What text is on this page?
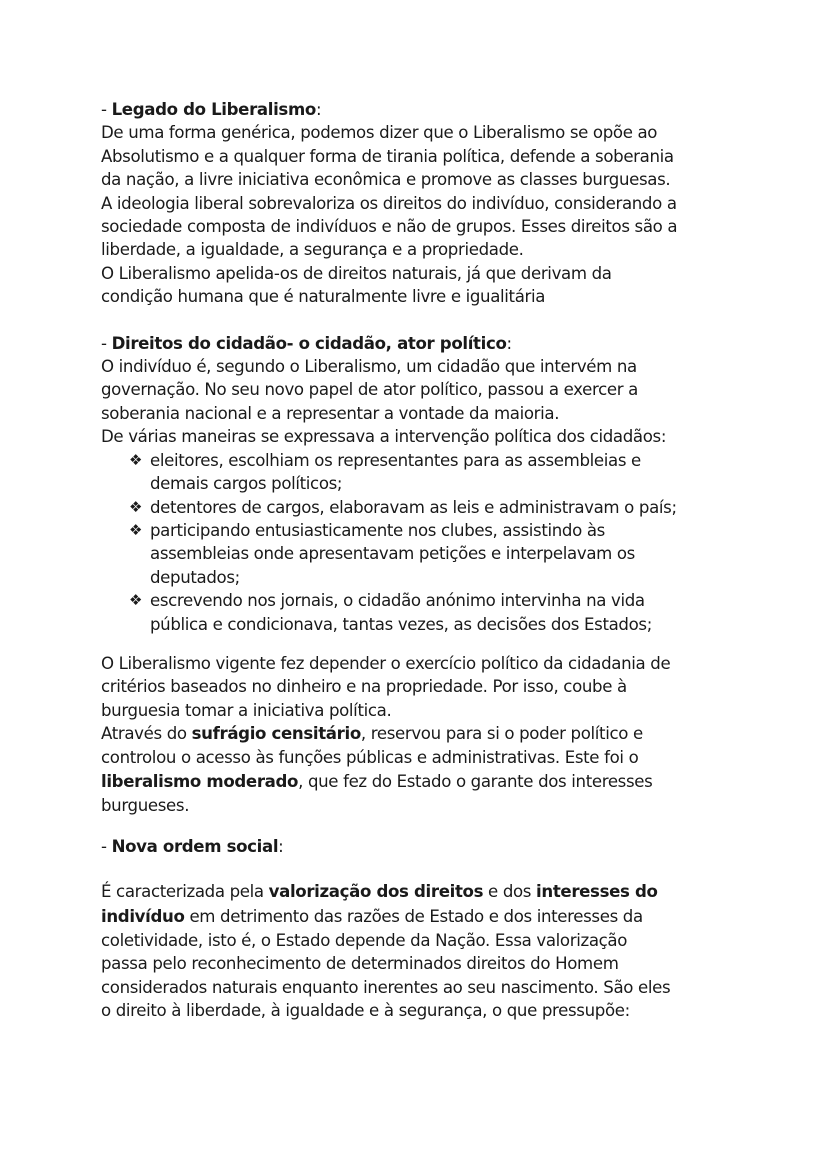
- Legado do Liberalismo:

De uma forma genérica, podemos dizer que o Liberalismo se opõe ao

Absolutismo e a qualquer forma de tirania política, defende a soberania

da nação, a livre iniciativa econômica e promove as classes burguesas.

A ideologia liberal sobrevaloriza os direitos do indivíduo, considerando a

sociedade composta de indivíduos e não de grupos. Esses direitos são a

liberdade, a igualdade, a segurança e a propriedade.

O Liberalismo apelida-os de direitos naturais, já que derivam da

condição humana que é naturalmente livre e igualitária

- Direitos do cidadão- o cidadão, ator político:

O indivíduo é, segundo o Liberalismo, um cidadão que intervém na

governação. No seu novo papel de ator político, passou a exercer a

soberania nacional e a representar a vontade da maioria.

De várias maneiras se expressava a intervenção política dos cidadãos:

❖ eleitores, escolhiam os representantes para as assembleias e

demais cargos políticos;

❖ detentores de cargos, elaboravam as leis e administravam o país;

❖ participando entusiasticamente nos clubes, assistindo às

assembleias onde apresentavam petições e interpelavam os

deputados;

❖ escrevendo nos jornais, o cidadão anónimo intervinha na vida

pública e condicionava, tantas vezes, as decisões dos Estados;

O Liberalismo vigente fez depender o exercício político da cidadania de

critérios baseados no dinheiro e na propriedade. Por isso, coube à

burguesia tomar a iniciativa política.

Através do sufrágio censitário, reservou para si o poder político e

controlou o acesso às funções públicas e administrativas. Este foi o

liberalismo moderado, que fez do Estado o garante dos interesses

burgueses.

- Nova ordem social:

É caracterizada pela valorização dos direitos e dos interesses do

indivíduo em detrimento das razões de Estado e dos interesses da

coletividade, isto é, o Estado depende da Nação. Essa valorização

passa pelo reconhecimento de determinados direitos do Homem

considerados naturais enquanto inerentes ao seu nascimento. São eles

o direito à liberdade, à igualdade e à segurança, o que pressupõe:
